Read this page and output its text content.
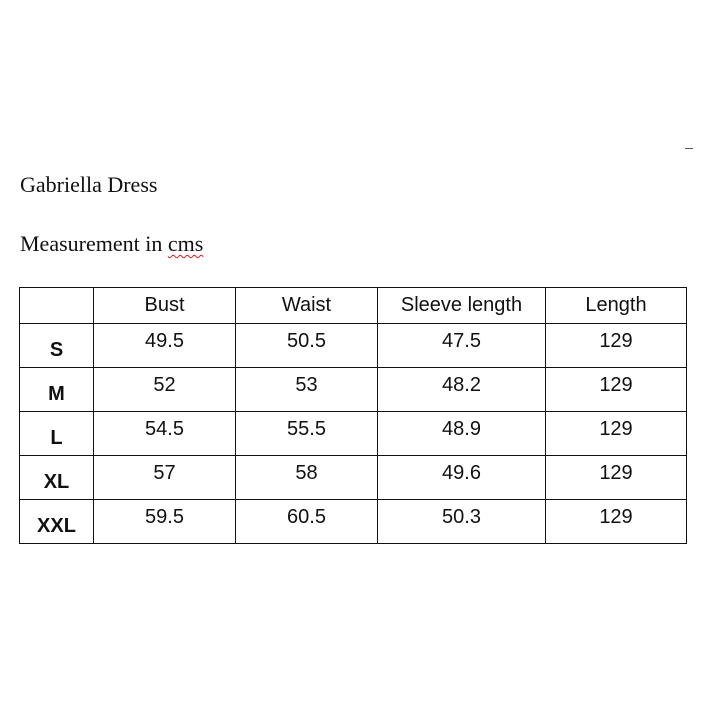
Gabriella Dress
Measurement in cms
	Bust	Waist	Sleeve length	Length
S	49.5	50.5	47.5	129
M	52	53	48.2	129
L	54.5	55.5	48.9	129
XL	57	58	49.6	129
XXL	59.5	60.5	50.3	129
